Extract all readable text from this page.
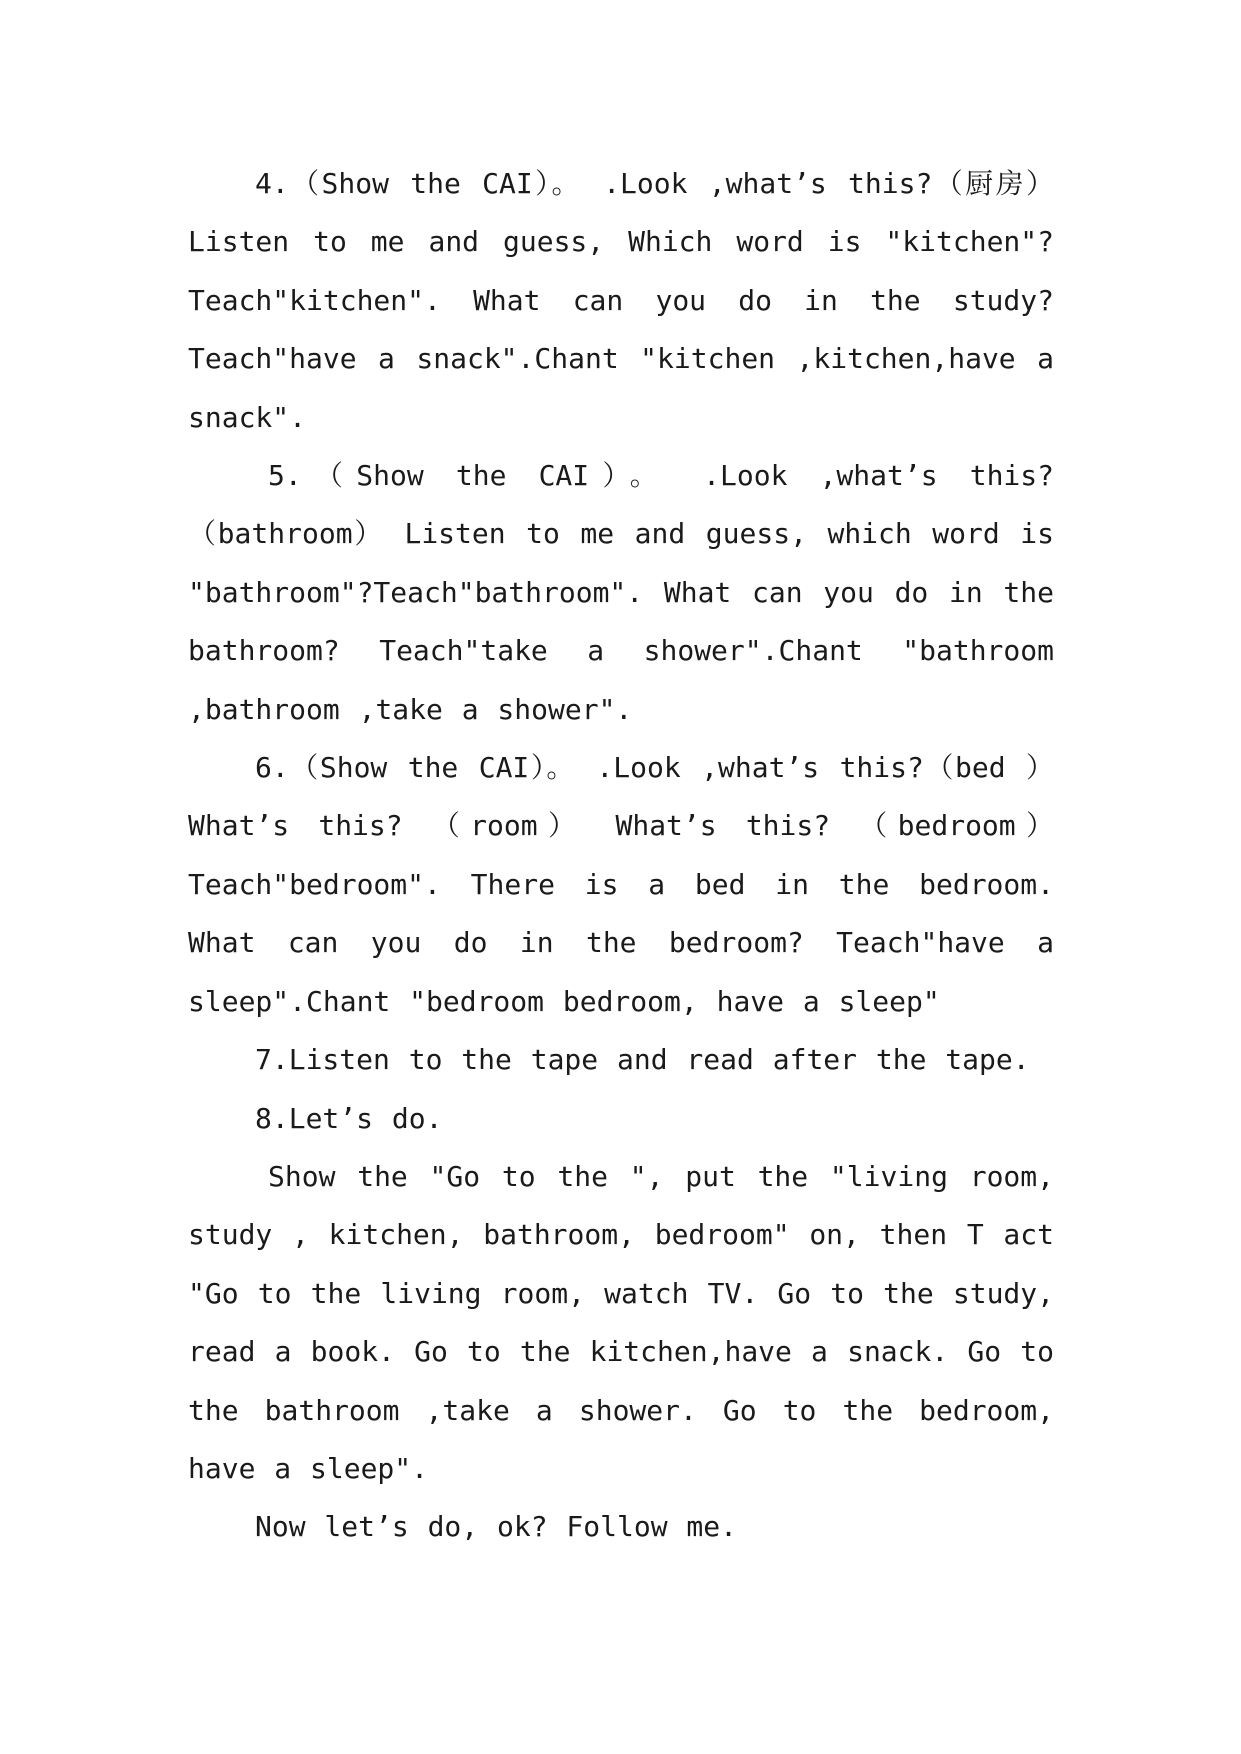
4.（Show the CAI）。 .Look ,what’s this?（厨房） Listen to me and guess, Which word is "kitchen"?Teach"kitchen". What can you do in the study? Teach"have a snack".Chant "kitchen ,kitchen,have a snack".

5.（Show the CAI）。 .Look ,what’s this?（bathroom） Listen to me and guess, which word is "bathroom"?Teach"bathroom". What can you do in the bathroom? Teach"take a shower".Chant "bathroom ,bathroom ,take a shower".

6.（Show the CAI）。 .Look ,what’s this?（bed ） What’s this? （room） What’s this? （bedroom） Teach"bedroom". There is a bed in the bedroom. What can you do in the bedroom? Teach"have a sleep".Chant "bedroom bedroom, have a sleep"

7.Listen to the tape and read after the tape.

8.Let’s do.

Show the "Go to the ", put the "living room, study , kitchen, bathroom, bedroom" on, then T act "Go to the living room, watch TV. Go to the study, read a book. Go to the kitchen,have a snack. Go to the bathroom ,take a shower. Go to the bedroom, have a sleep".

Now let’s do, ok? Follow me.
